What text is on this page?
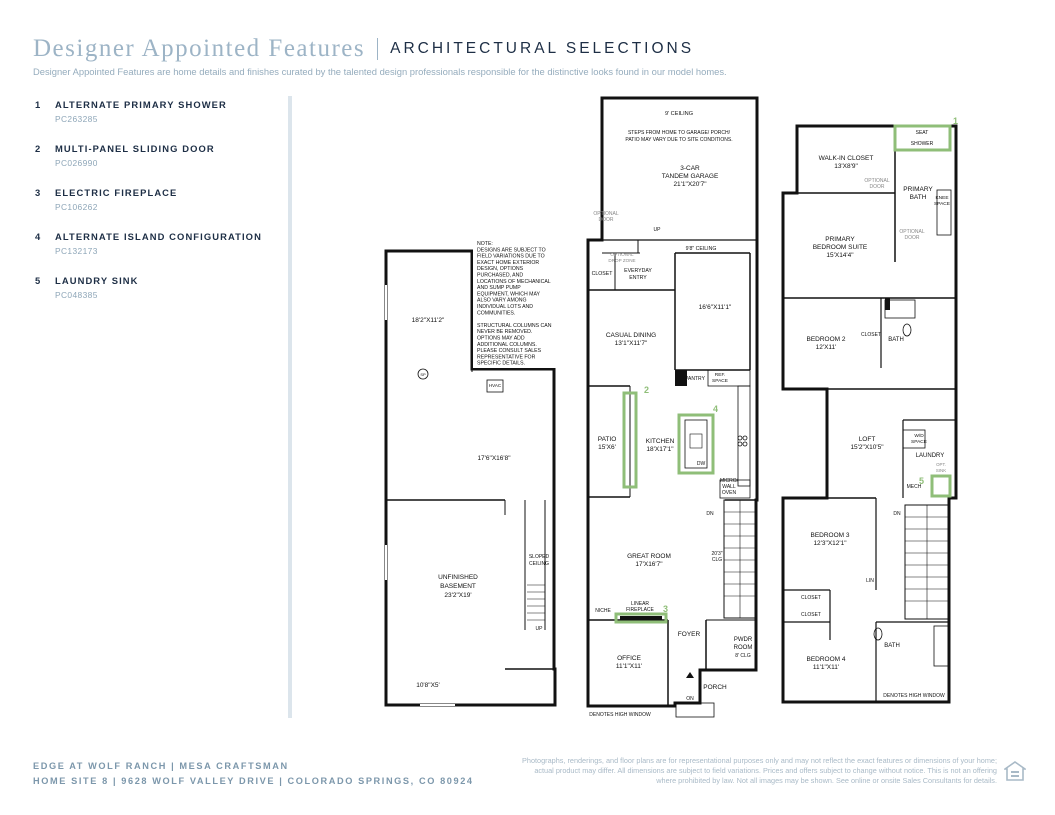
Designer Appointed Features ARCHITECTURAL SELECTIONS
Designer Appointed Features are home details and finishes curated by the talented design professionals responsible for the distinctive looks found in our model homes.
1	ALTERNATE PRIMARY SHOWER
PC263285
2	MULTI-PANEL SLIDING DOOR
PC026990
3	ELECTRIC FIREPLACE
PC106262
4	ALTERNATE ISLAND CONFIGURATION
PC132173
5	LAUNDRY SINK
PC048385
NOTE: DESIGNS ARE SUBJECT TO FIELD VARIATIONS DUE TO EXACT HOME EXTERIOR DESIGN, OPTIONS PURCHASED, AND LOCATIONS OF MECHANICAL AND SUMP PUMP EQUIPMENT, WHICH MAY ALSO VARY AMONG INDIVIDUAL LOTS AND COMMUNITIES. STRUCTURAL COLUMNS CAN NEVER BE REMOVED. OPTIONS MAY ADD ADDITIONAL COLUMNS. PLEASE CONSULT SALES REPRESENTATIVE FOR SPECIFIC DETAILS.
18'2"X11'2"
SP
HVAC
17'6"X16'8"
SLOPED
CEILING
UNFINISHED
BASEMENT
23'2"X19'
UP
10'8"X5'
2
4
3
9' CEILING
STEPS FROM HOME TO GARAGE/ PORCH/
PATIO MAY VARY DUE TO SITE CONDITIONS.
3-CAR
TANDEM GARAGE
21'1"X20'7"
OPTIONAL
DOOR
OPTIONAL
DROP ZONE
UP
9'8" CEILING
CLOSET EVERYDAY
ENTRY
16'6"X11'1"
CASUAL DINING
13'1"X11'7"
PANTRY
REF.
SPACE
PATIO
15'X6'
KITCHEN
18'X17'1"
DW
MICRO/
WALL
OVEN
DN
GREAT ROOM
17'X16'7"
20'3"
CLG
NICHE
LINEAR
FIREPLACE
FOYER
OFFICE
11'1"X11'
PWDR
ROOM
8' CLG
PORCH
ON
DENOTES HIGH WINDOW
1
5
SEAT
SHOWER
WALK-IN CLOSET
13'X8'9"
OPTIONAL
DOOR	PRIMARY
BATH KNEE
SPACE
OPTIONAL
DOOR
PRIMARY
BEDROOM SUITE
15'X14'4"
BEDROOM 2
12'X11'
CLOSET
BATH
LOFT
15'2"X10'5"
W/D
SPACE
LAUNDRY
OPT.
SINK
MECH
DN
BEDROOM 3
12'3"X12'1"
LIN
CLOSET
CLOSET
BEDROOM 4
11'1"X11'
BATH
DENOTES HIGH WINDOW
EDGE AT WOLF RANCH | MESA CRAFTSMAN
HOME SITE 8 | 9628 WOLF VALLEY DRIVE | COLORADO SPRINGS, CO 80924
Photographs, renderings, and floor plans are for representational purposes only and may not reflect the exact features or dimensions of your home; actual product may differ. All dimensions are subject to field variations. Prices and offers subject to change without notice. This is not an offering where prohibited by law. Not all images may be shown. See online or onsite Sales Consultants for details.
